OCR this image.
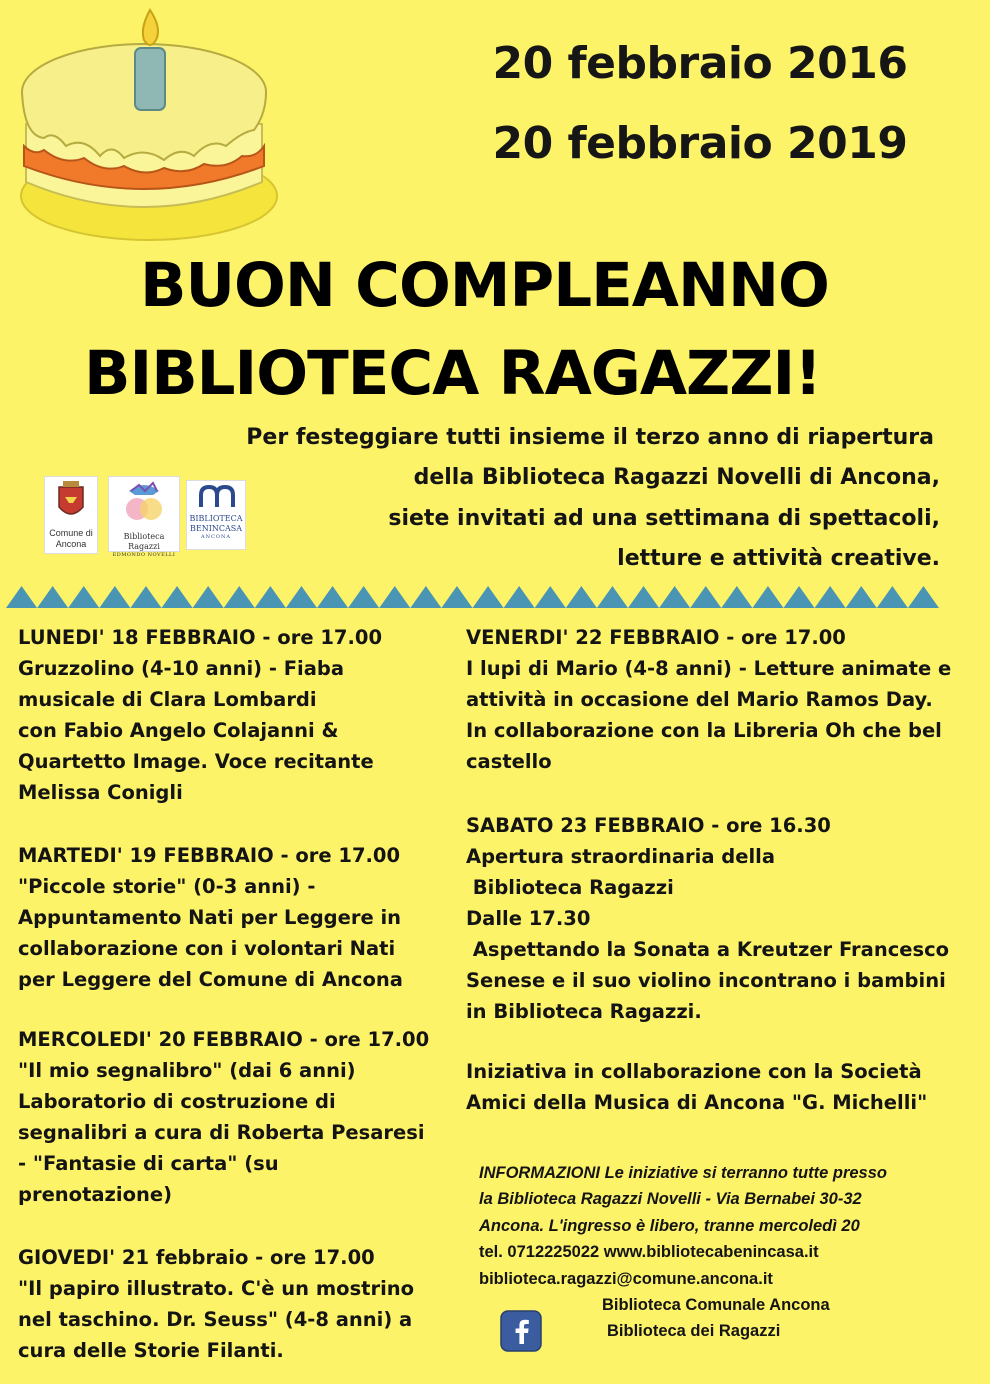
20 febbraio 2016
20 febbraio 2019
BUON COMPLEANNO
BIBLIOTECA RAGAZZI!
Per festeggiare tutti insieme il terzo anno di riapertura
della Biblioteca Ragazzi Novelli di Ancona,
siete invitati ad una settimana di spettacoli,
letture e attività creative.
Comune di
Ancona
Biblioteca Ragazzi
EDMONDO NOVELLI
BIBLIOTECA
BENINCASA
ANCONA
LUNEDI' 18 FEBBRAIO - ore 17.00
Gruzzolino (4-10 anni) - Fiaba
musicale di Clara Lombardi
con Fabio Angelo Colajanni &
Quartetto Image. Voce recitante
Melissa Conigli
MARTEDI' 19 FEBBRAIO - ore 17.00
"Piccole storie" (0-3 anni) -
Appuntamento Nati per Leggere in
collaborazione con i volontari Nati
per Leggere del Comune di Ancona
MERCOLEDI' 20 FEBBRAIO - ore 17.00
"Il mio segnalibro" (dai 6 anni)
Laboratorio di costruzione di
segnalibri a cura di Roberta Pesaresi
- "Fantasie di carta" (su
prenotazione)
GIOVEDI' 21 febbraio - ore 17.00
"Il papiro illustrato. C'è un mostrino
nel taschino. Dr. Seuss" (4-8 anni) a
cura delle Storie Filanti.
VENERDI' 22 FEBBRAIO - ore 17.00
I lupi di Mario (4-8 anni) - Letture animate e
attività in occasione del Mario Ramos Day.
In collaborazione con la Libreria Oh che bel
castello
SABATO 23 FEBBRAIO - ore 16.30
Apertura straordinaria della
Biblioteca Ragazzi
Dalle 17.30
Aspettando la Sonata a Kreutzer Francesco
Senese e il suo violino incontrano i bambini
in Biblioteca Ragazzi.
Iniziativa in collaborazione con la Società
Amici della Musica di Ancona "G. Michelli"
INFORMAZIONI Le iniziative si terranno tutte presso
la Biblioteca Ragazzi Novelli - Via Bernabei 30-32
Ancona. L'ingresso è libero, tranne mercoledì 20
tel. 0712225022 www.bibliotecabenincasa.it
biblioteca.ragazzi@comune.ancona.it
Biblioteca Comunale Ancona
Biblioteca dei Ragazzi
